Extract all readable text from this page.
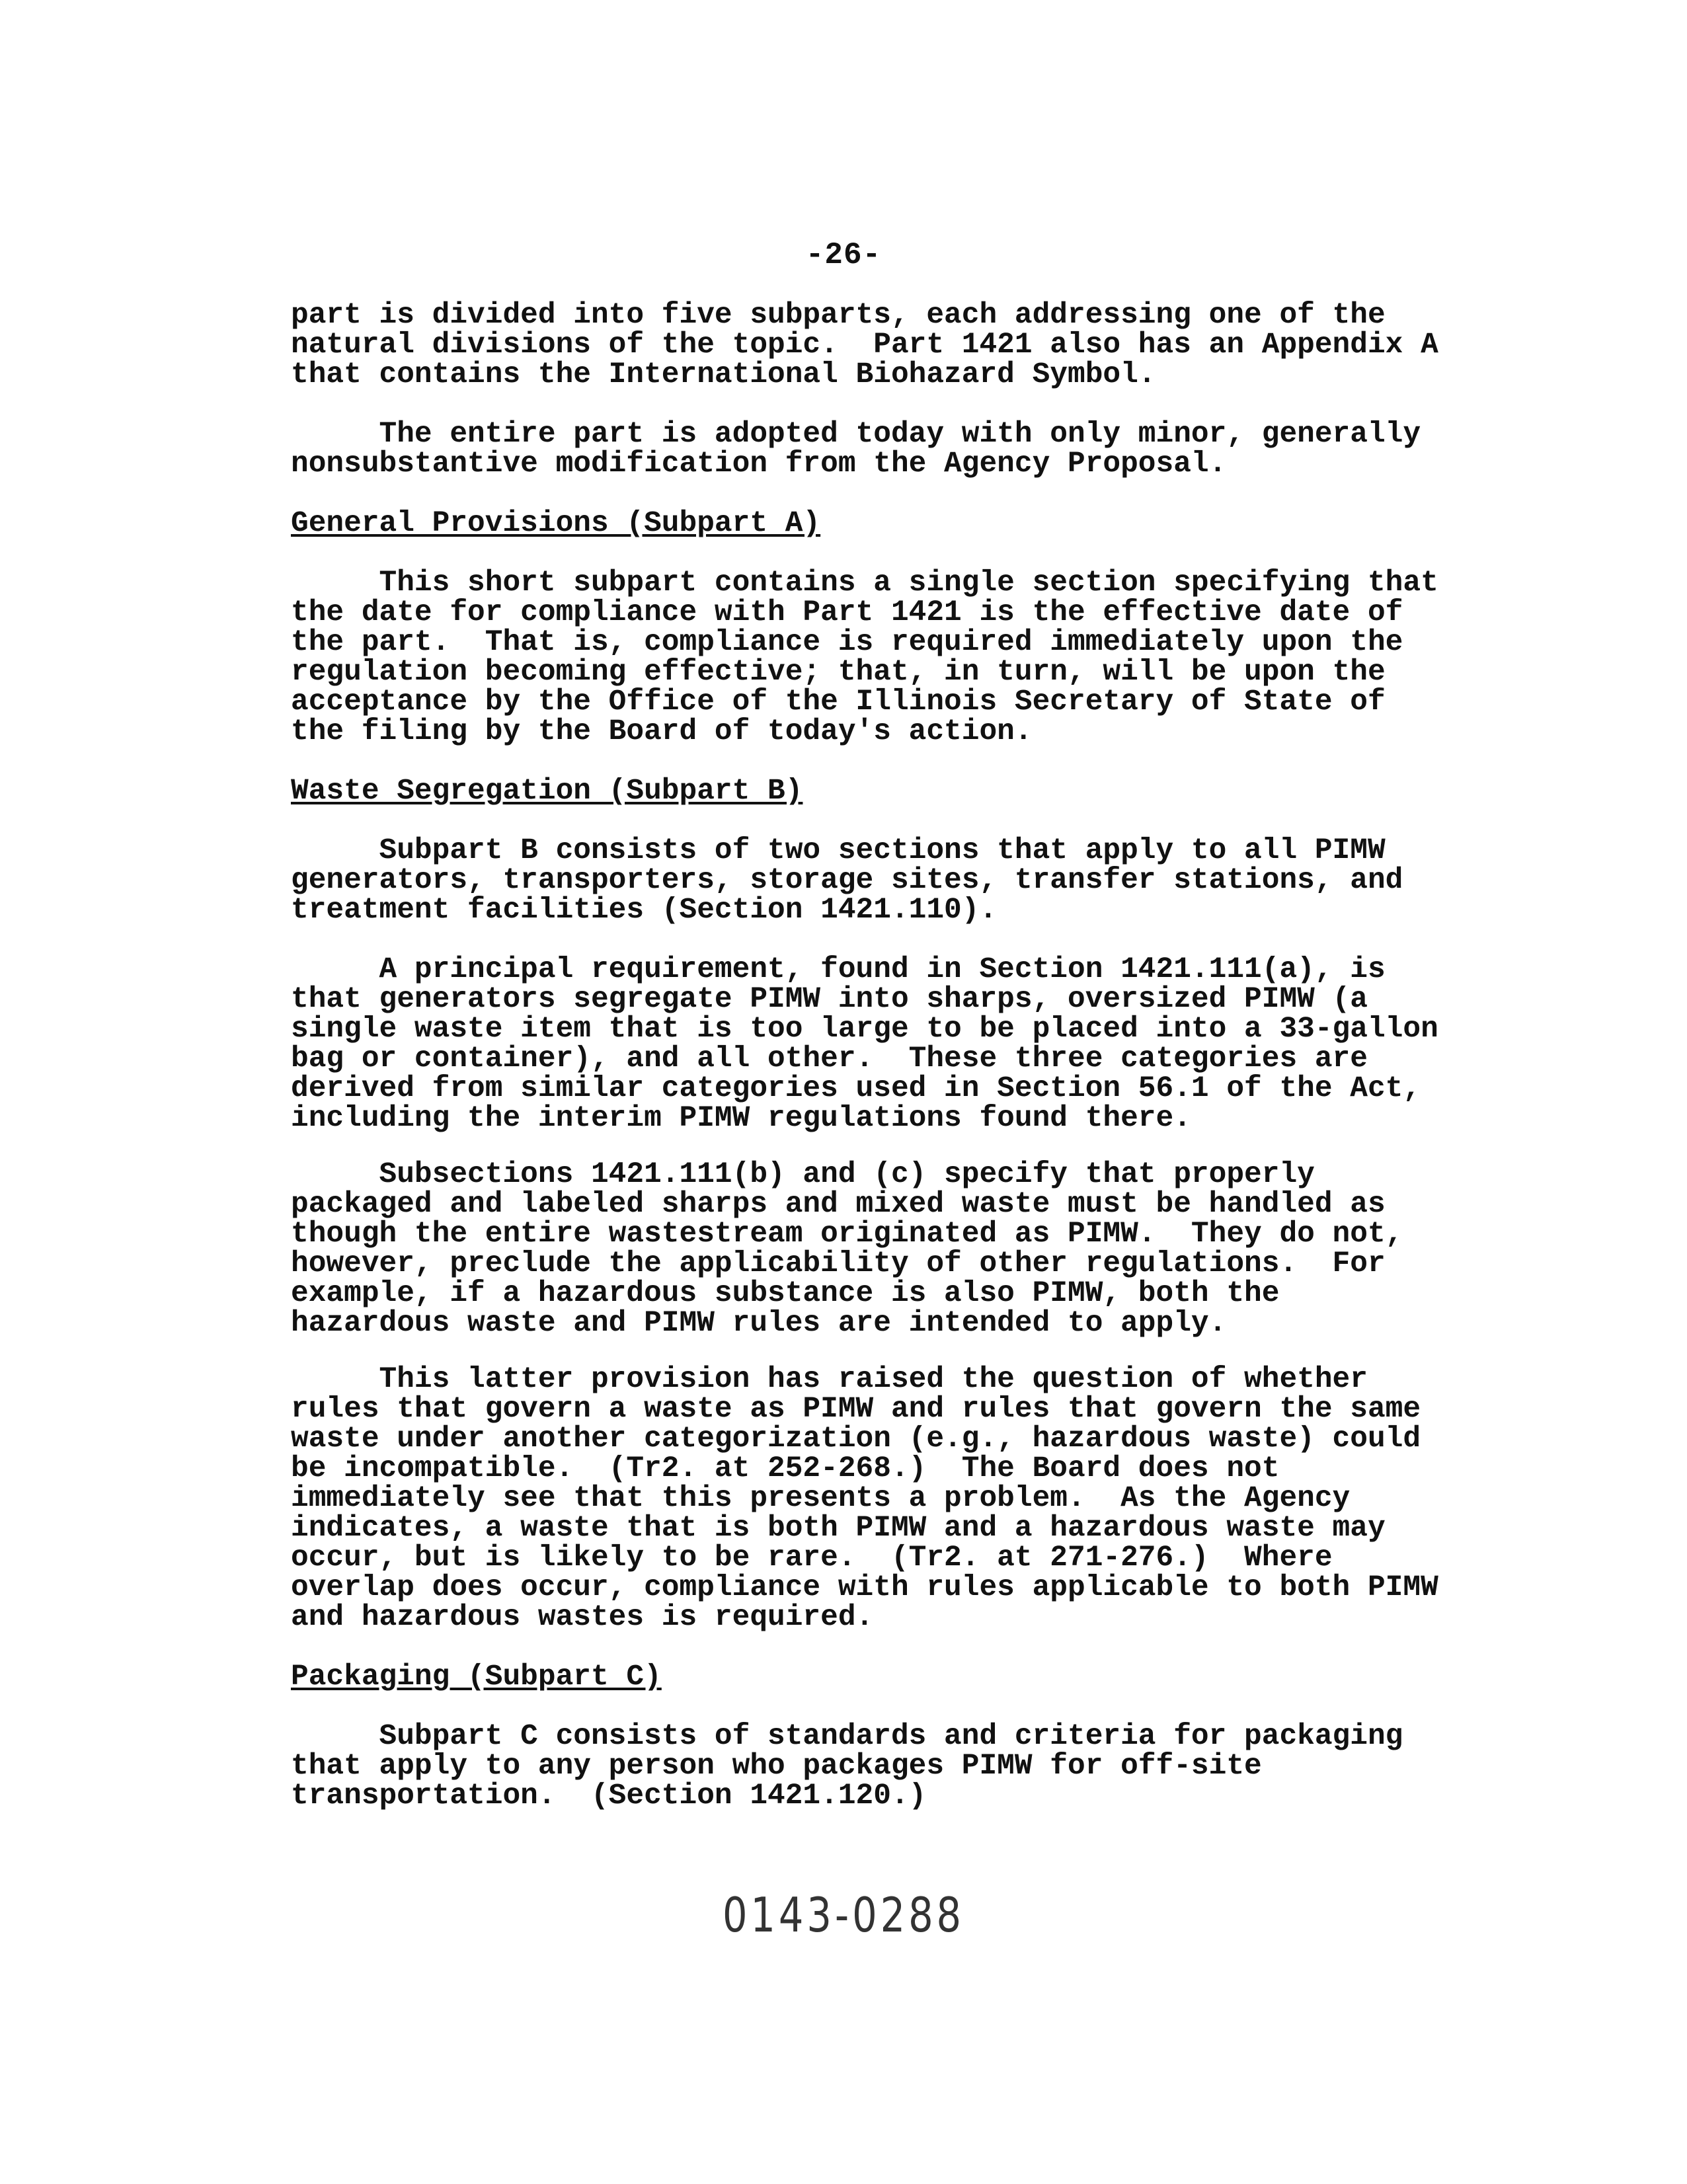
-26-
part is divided into five subparts, each addressing one of the
natural divisions of the topic.  Part 1421 also has an Appendix A
that contains the International Biohazard Symbol.
The entire part is adopted today with only minor, generally
nonsubstantive modification from the Agency Proposal.
General Provisions (Subpart A)
This short subpart contains a single section specifying that
the date for compliance with Part 1421 is the effective date of
the part.  That is, compliance is required immediately upon the
regulation becoming effective; that, in turn, will be upon the
acceptance by the Office of the Illinois Secretary of State of
the filing by the Board of today's action.
Waste Segregation (Subpart B)
Subpart B consists of two sections that apply to all PIMW
generators, transporters, storage sites, transfer stations, and
treatment facilities (Section 1421.110).
A principal requirement, found in Section 1421.111(a), is
that generators segregate PIMW into sharps, oversized PIMW (a
single waste item that is too large to be placed into a 33-gallon
bag or container), and all other.  These three categories are
derived from similar categories used in Section 56.1 of the Act,
including the interim PIMW regulations found there.
Subsections 1421.111(b) and (c) specify that properly
packaged and labeled sharps and mixed waste must be handled as
though the entire wastestream originated as PIMW.  They do not,
however, preclude the applicability of other regulations.  For
example, if a hazardous substance is also PIMW, both the
hazardous waste and PIMW rules are intended to apply.
This latter provision has raised the question of whether
rules that govern a waste as PIMW and rules that govern the same
waste under another categorization (e.g., hazardous waste) could
be incompatible.  (Tr2. at 252-268.)  The Board does not
immediately see that this presents a problem.  As the Agency
indicates, a waste that is both PIMW and a hazardous waste may
occur, but is likely to be rare.  (Tr2. at 271-276.)  Where
overlap does occur, compliance with rules applicable to both PIMW
and hazardous wastes is required.
Packaging (Subpart C)
Subpart C consists of standards and criteria for packaging
that apply to any person who packages PIMW for off-site
transportation.  (Section 1421.120.)
0143-0288
